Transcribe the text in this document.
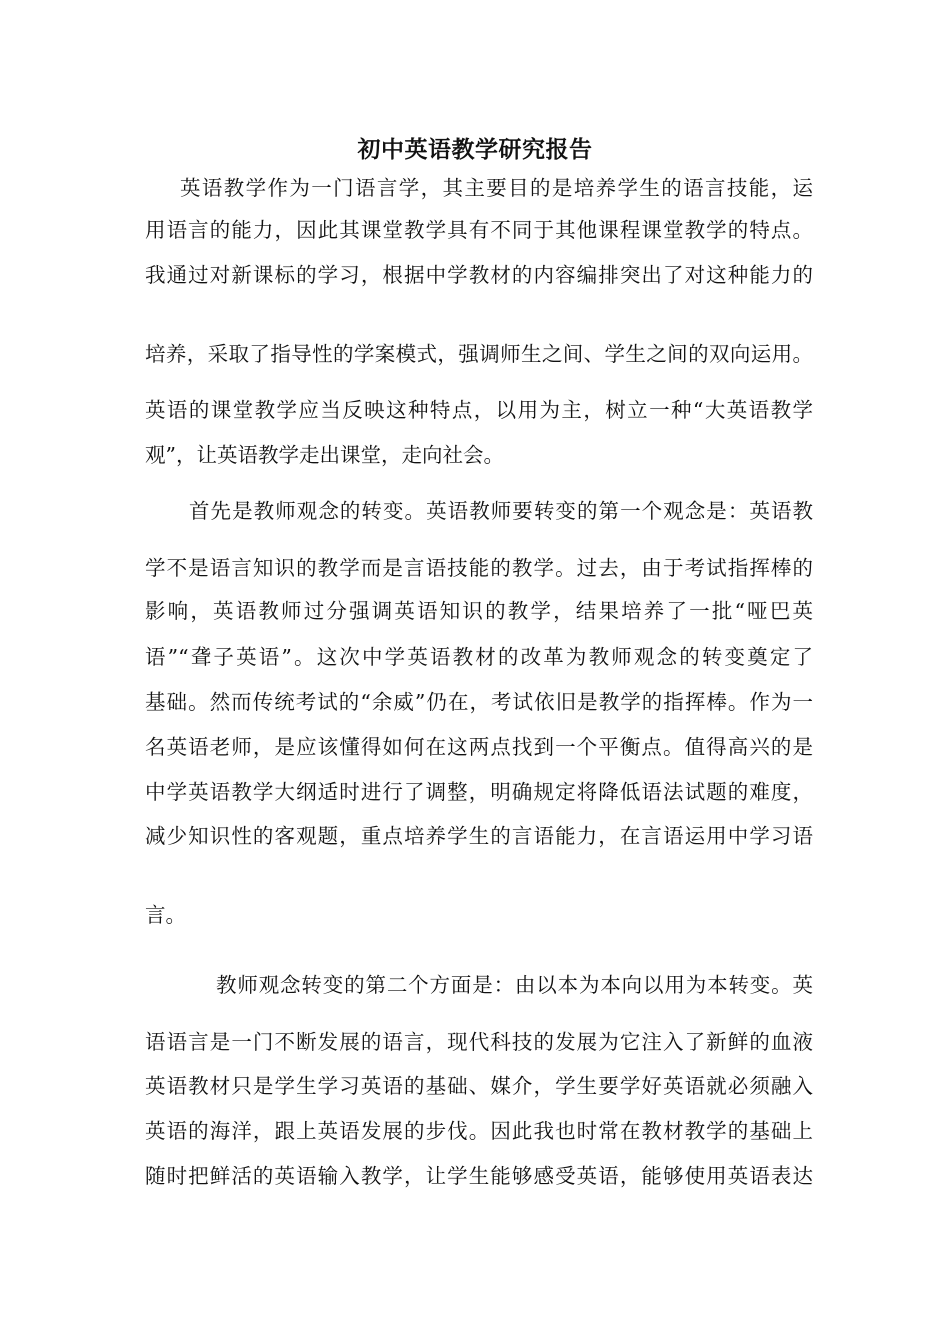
初中英语教学研究报告
英语教学作为一门语言学，其主要目的是培养学生的语言技能，运
用语言的能力，因此其课堂教学具有不同于其他课程课堂教学的特点。
我通过对新课标的学习，根据中学教材的内容编排突出了对这种能力的
培养，采取了指导性的学案模式，强调师生之间、学生之间的双向运用。
英语的课堂教学应当反映这种特点，以用为主，树立一种“大英语教学
观”，让英语教学走出课堂，走向社会。
首先是教师观念的转变。英语教师要转变的第一个观念是：英语教
学不是语言知识的教学而是言语技能的教学。过去，由于考试指挥棒的
影响，英语教师过分强调英语知识的教学，结果培养了一批“哑巴英
语”“聋子英语”。这次中学英语教材的改革为教师观念的转变奠定了
基础。然而传统考试的“余威”仍在，考试依旧是教学的指挥棒。作为一
名英语老师，是应该懂得如何在这两点找到一个平衡点。值得高兴的是
中学英语教学大纲适时进行了调整，明确规定将降低语法试题的难度，
减少知识性的客观题，重点培养学生的言语能力，在言语运用中学习语
言。
教师观念转变的第二个方面是：由以本为本向以用为本转变。英
语语言是一门不断发展的语言，现代科技的发展为它注入了新鲜的血液
英语教材只是学生学习英语的基础、媒介，学生要学好英语就必须融入
英语的海洋，跟上英语发展的步伐。因此我也时常在教材教学的基础上
随时把鲜活的英语输入教学，让学生能够感受英语，能够使用英语表达
